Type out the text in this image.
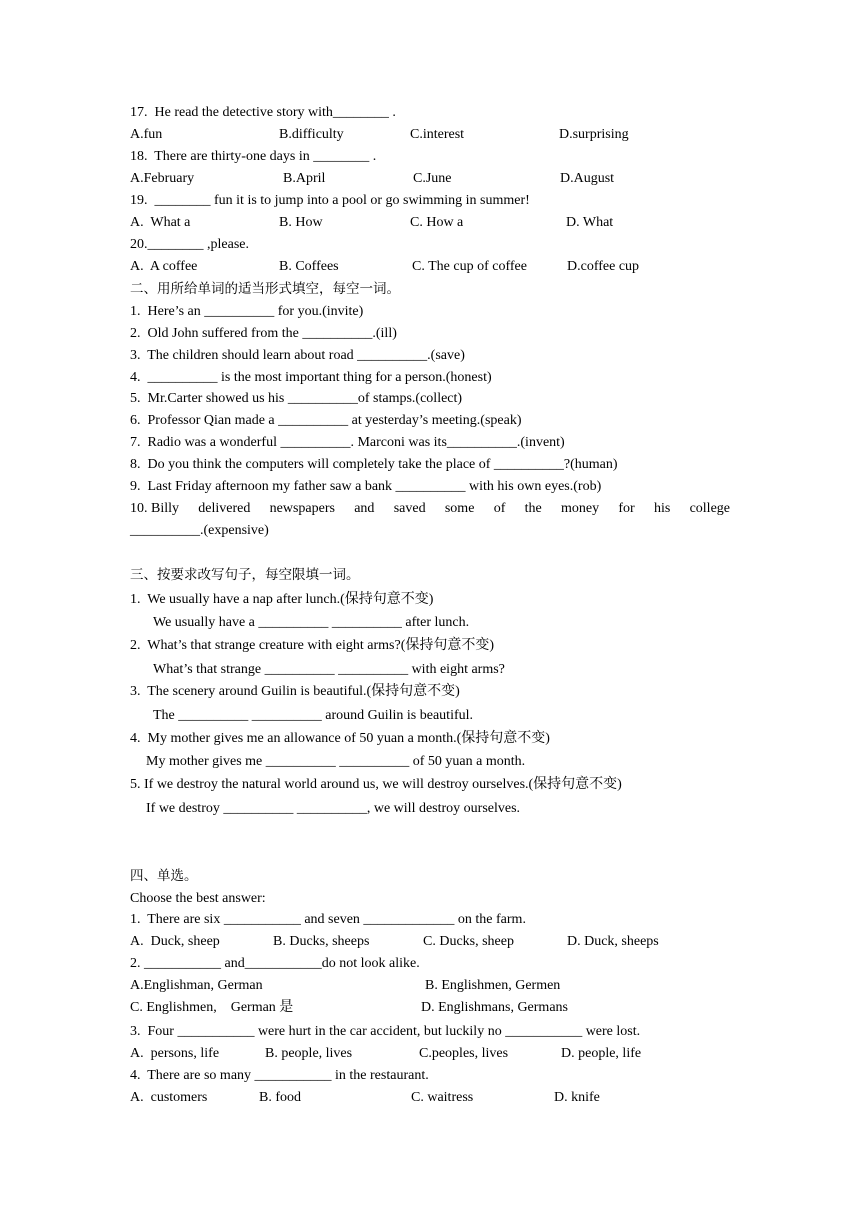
17.  He read the detective story with________ .
A.fun	B.difficulty	C.interest	D.surprising
18.  There are thirty-one days in ________ .
A.February	B.April	C.June	D.August
19.  ________ fun it is to jump into a pool or go swimming in summer!
A.  What a	B. How	C. How a	D. What
20.________ ,please.
A.  A coffee	B. Coffees	C. The cup of coffee	D.coffee cup
二、用所给单词的适当形式填空，每空一词。
1.  Here’s an __________ for you.(invite)
2.  Old John suffered from the __________.(ill)
3.  The children should learn about road __________.(save)
4.  __________ is the most important thing for a person.(honest)
5.  Mr.Carter showed us his __________of stamps.(collect)
6.  Professor Qian made a __________ at yesterday’s meeting.(speak)
7.  Radio was a wonderful __________. Marconi was its__________.(invent)
8.  Do you think the computers will completely take the place of __________?(human)
9.  Last Friday afternoon my father saw a bank __________ with his own eyes.(rob)
10. Billy delivered newspapers and saved some of the money for his college
__________.(expensive)
三、按要求改写句子，每空限填一词。
1.  We usually have a nap after lunch.(保持句意不变)
We usually have a __________ __________ after lunch.
2.  What’s that strange creature with eight arms?(保持句意不变)
What’s that strange __________ __________ with eight arms?
3.  The scenery around Guilin is beautiful.(保持句意不变)
The __________ __________ around Guilin is beautiful.
4.  My mother gives me an allowance of 50 yuan a month.(保持句意不变)
My mother gives me __________ __________ of 50 yuan a month.
5. If we destroy the natural world around us, we will destroy ourselves.(保持句意不变)
If we destroy __________ __________, we will destroy ourselves.
四、单选。
Choose the best answer:
1.  There are six ___________ and seven _____________ on the farm.
A.  Duck, sheep	B. Ducks, sheeps	C. Ducks, sheep	D. Duck, sheeps
2. ___________ and___________do not look alike.
A.Englishman, German	B. Englishmen, Germen
C. Englishmen,    German 是	D. Englishmans, Germans
3.  Four ___________ were hurt in the car accident, but luckily no ___________ were lost.
A.  persons, life	B. people, lives	C.peoples, lives	D. people, life
4.  There are so many ___________ in the restaurant.
A.  customers	B. food	C. waitress	D. knife
